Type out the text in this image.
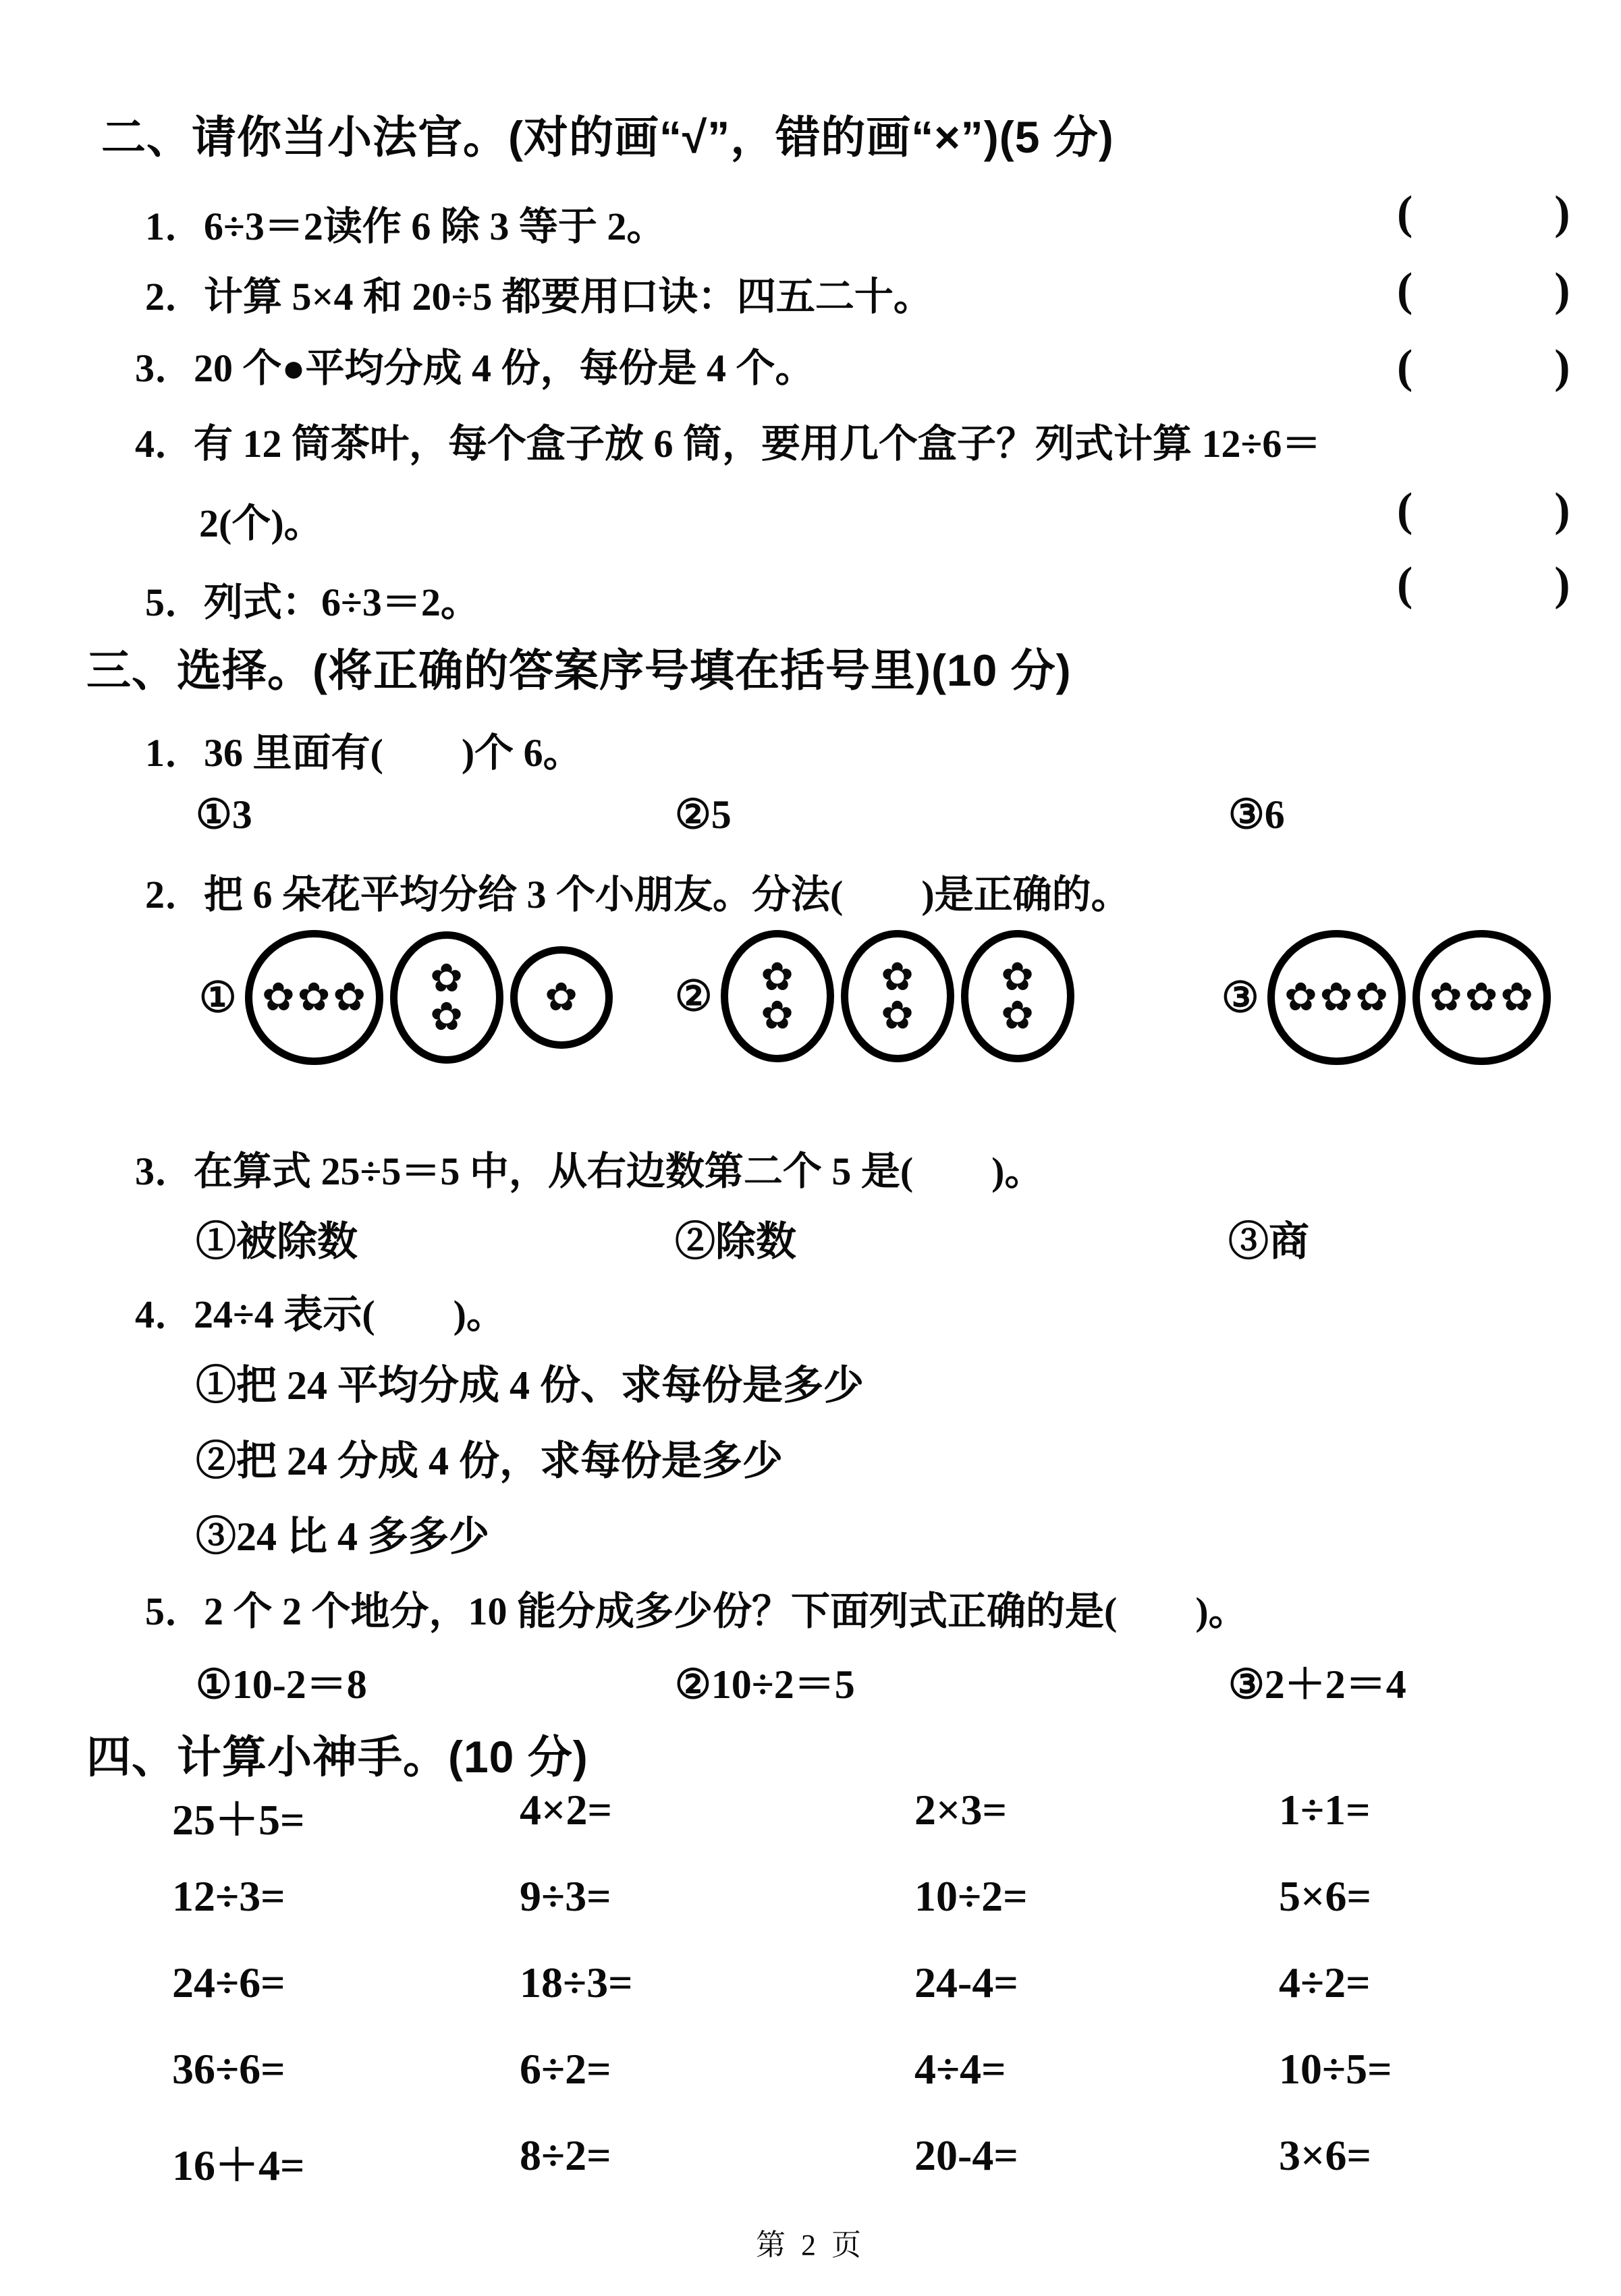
二、请你当小法官。(对的画“√”，错的画“×”)(5 分)
1．6÷3＝2读作 6 除 3 等于 2。	(　　　)
2．计算 5×4 和 20÷5 都要用口诀：四五二十。	(　　　)
3．20 个●平均分成 4 份，每份是 4 个。	(　　　)
4．有 12 筒茶叶，每个盒子放 6 筒，要用几个盒子？列式计算 12÷6＝
2(个)。	(　　　)
5．列式：6÷3＝2。	(　　　)
三、选择。(将正确的答案序号填在括号里)(10 分)
1．36 里面有(　　)个 6。
①3	②5	③6
2．把 6 朵花平均分给 3 个小朋友。分法(　　)是正确的。
① ✿ ✿ ✿ ✿
✿ ✿ ② ✿
✿
✿
✿
✿
✿	③ ✿ ✿ ✿ ✿ ✿ ✿
3．在算式 25÷5＝5 中，从右边数第二个 5 是(　　)。
①被除数	②除数	③商
4．24÷4 表示(　　)。
①把 24 平均分成 4 份、求每份是多少
②把 24 分成 4 份，求每份是多少
③24 比 4 多多少
5．2 个 2 个地分，10 能分成多少份？下面列式正确的是(　　)。
①10-2＝8	②10÷2＝5	③2＋2＝4
四、计算小神手。(10 分)
25＋5=	4×2=	2×3=	1÷1=
12÷3=	9÷3=	10÷2=	5×6=
24÷6=	18÷3=	24-4=	4÷2=
36÷6=	6÷2=	4÷4=	10÷5=
16＋4=	8÷2=	20-4=	3×6=
第 2 页
